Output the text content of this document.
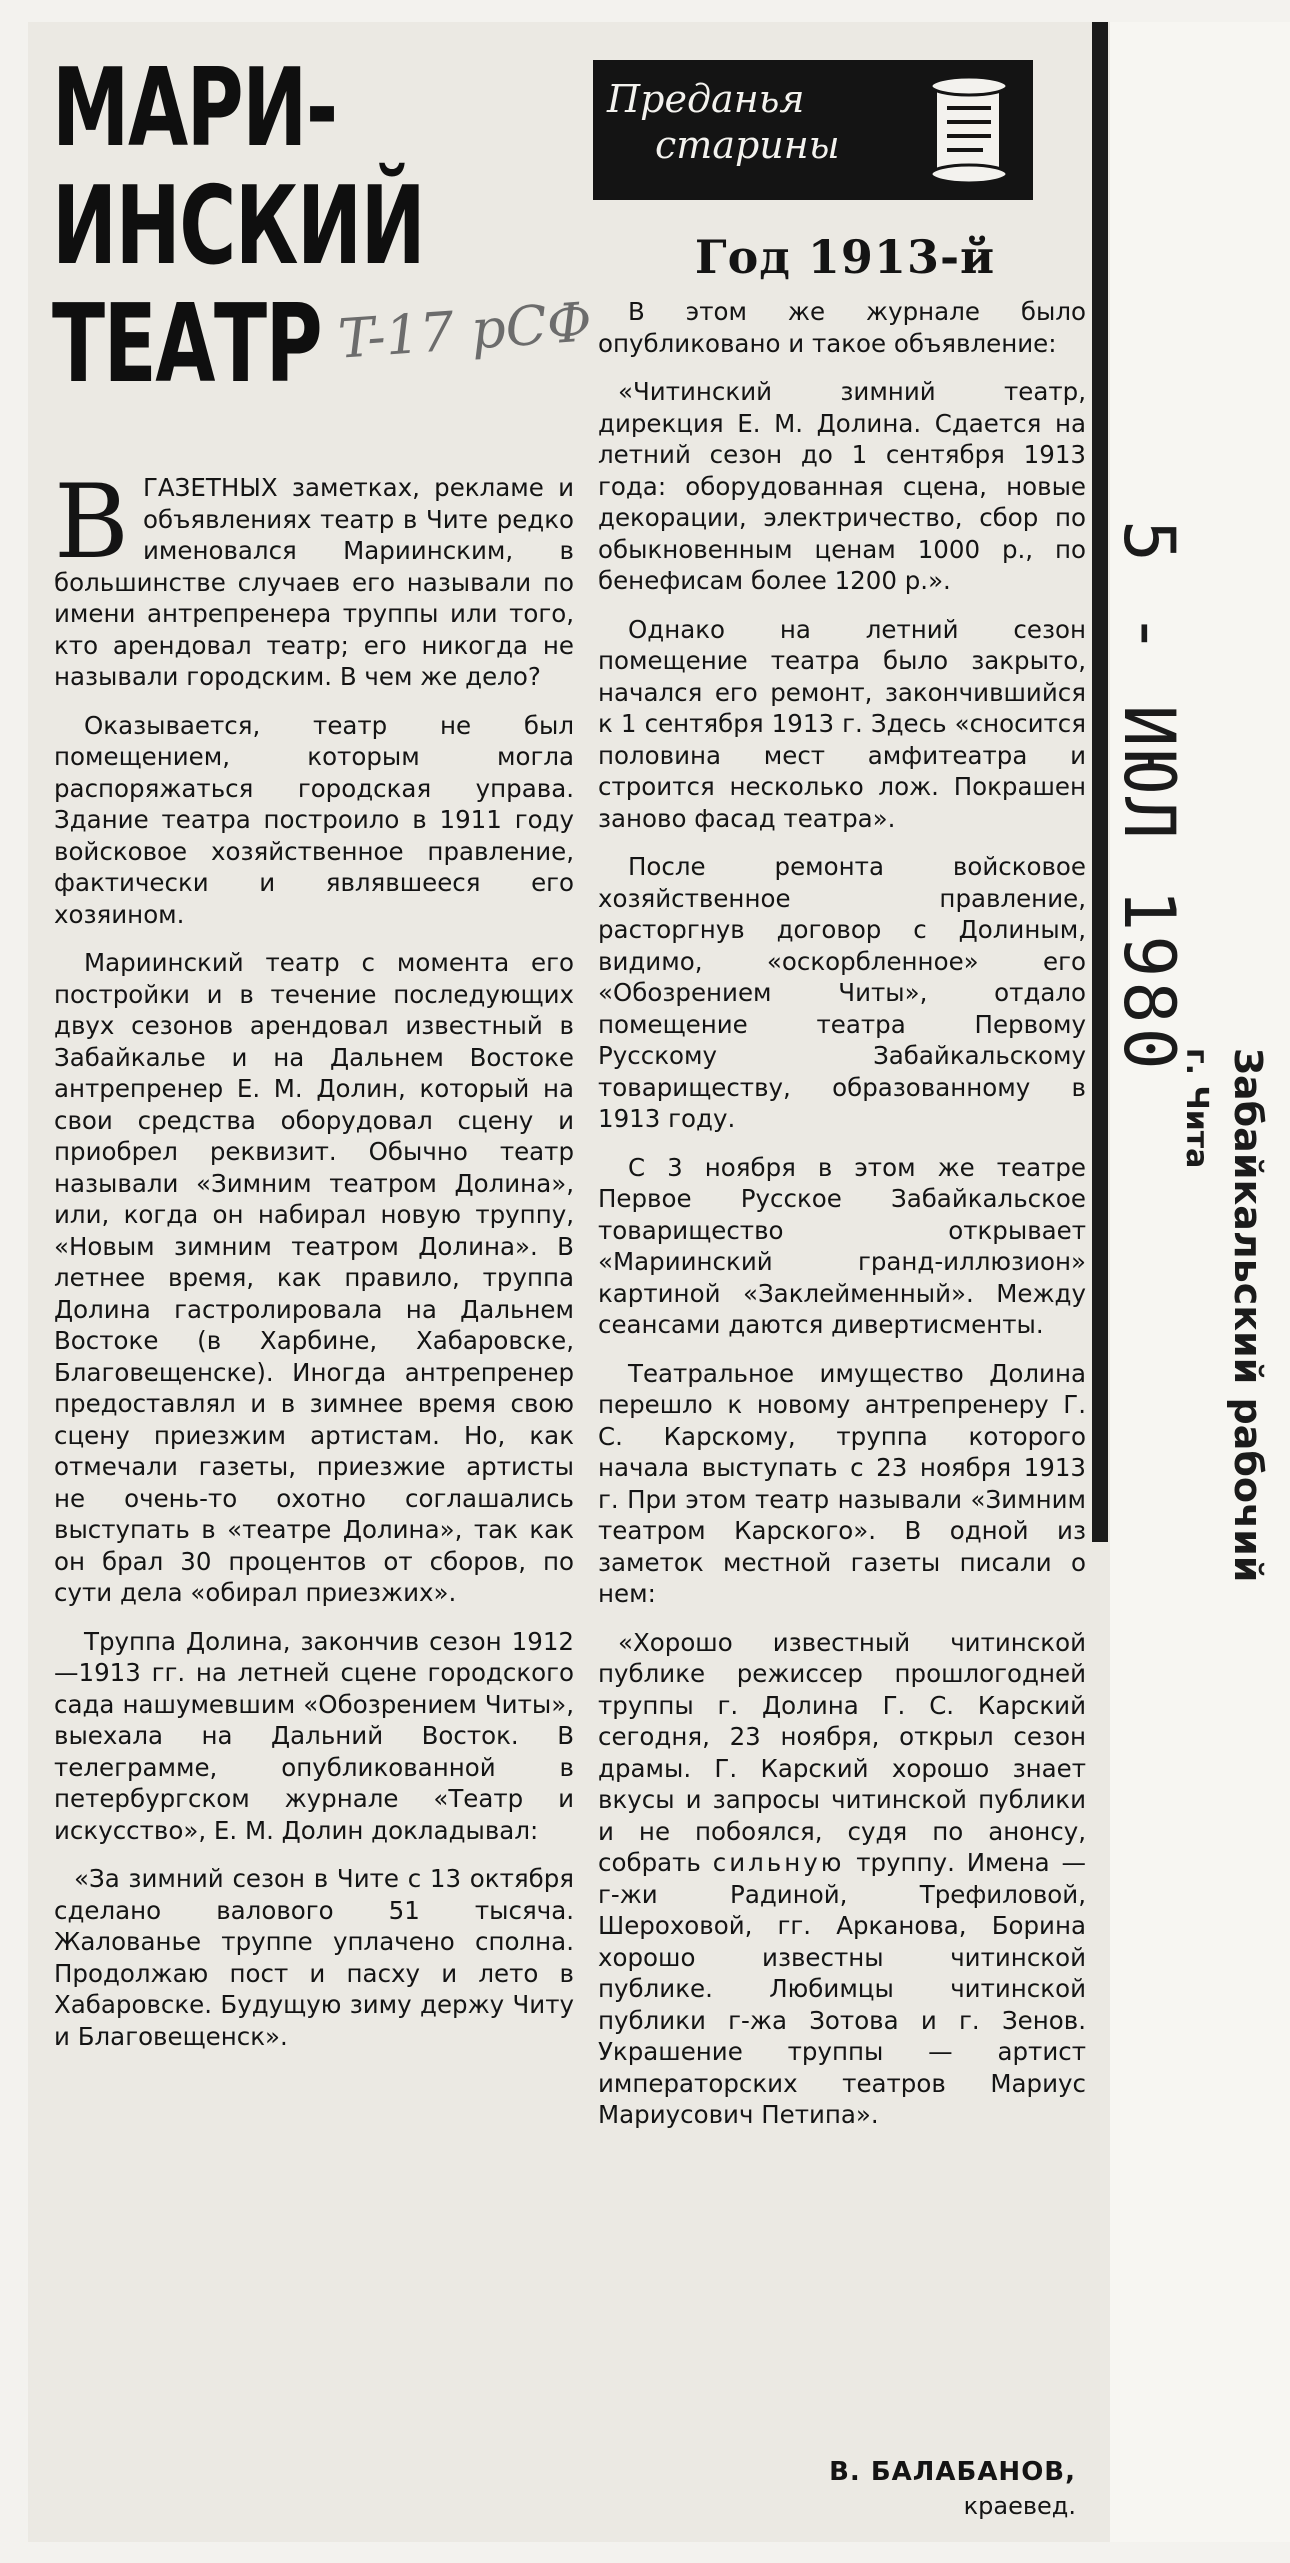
МАРИ-
ИНСКИЙ
ТЕАТР T-17 рСФ
Преданья
старины
Год 1913-й

ВГАЗЕТНЫХ заметках, рекламе и объявлениях театр в Чите редко именовался Мариинским, в большинстве случаев его называли по имени антрепренера труппы или того, кто арендовал театр; его никогда не называли городским. В чем же дело?

Оказывается, театр не был помещением, которым могла распоряжаться городская управа. Здание театра построило в 1911 году войсковое хозяйственное правление, фактически и являвшееся его хозяином.

Мариинский театр с момента его постройки и в течение последующих двух сезонов арендовал известный в Забайкалье и на Дальнем Востоке антрепренер Е. М. Долин, который на свои средства оборудовал сцену и приобрел реквизит. Обычно театр называли «Зимним театром Долина», или, когда он набирал новую труппу, «Новым зимним театром Долина». В летнее время, как правило, труппа Долина гастролировала на Дальнем Востоке (в Харбине, Хабаровске, Благовещенске). Иногда антрепренер предоставлял и в зимнее время свою сцену приезжим артистам. Но, как отмечали газеты, приезжие артисты не очень-то охотно соглашались выступать в «театре Долина», так как он брал 30 процентов от сборов, по сути дела «обирал приезжих».

Труппа Долина, закончив сезон 1912—1913 гг. на летней сцене городского сада нашумевшим «Обозрением Читы», выехала на Дальний Восток. В телеграмме, опубликованной в петербургском журнале «Театр и искусство», Е. М. Долин докладывал:

«За зимний сезон в Чите с 13 октября сделано валового 51 тысяча. Жалованье труппе уплачено сполна. Продолжаю пост и пасху и лето в Хабаровске. Будущую зиму держу Читу и Благовещенск».

В этом же журнале было опубликовано и такое объявление:

«Читинский зимний театр, дирекция Е. М. Долина. Сдается на летний сезон до 1 сентября 1913 года: оборудованная сцена, новые декорации, электричество, сбор по обыкновенным ценам 1000 р., по бенефисам более 1200 р.».

Однако на летний сезон помещение театра было закрыто, начался его ремонт, закончившийся к 1 сентября 1913 г. Здесь «сносится половина мест амфитеатра и строится несколько лож. Покрашен заново фасад театра».

После ремонта войсковое хозяйственное правление, расторгнув договор с Долиным, видимо, «оскорбленное» его «Обозрением Читы», отдало помещение театра Первому Русскому Забайкальскому товариществу, образованному в 1913 году.

С 3 ноября в этом же театре Первое Русское Забайкальское товарищество открывает «Мариинский гранд-иллюзион» картиной «Заклейменный». Между сеансами даются дивертисменты.

Театральное имущество Долина перешло к новому антрепренеру Г. С. Карскому, труппа которого начала выступать с 23 ноября 1913 г. При этом театр называли «Зимним театром Карского». В одной из заметок местной газеты писали о нем:

«Хорошо известный читинской публике режиссер прошлогодней труппы г. Долина Г. С. Карский сегодня, 23 ноября, открыл сезон драмы. Г. Карский хорошо знает вкусы и запросы читинской публики и не побоялся, судя по анонсу, собрать сильную труппу. Имена — г-жи Радиной, Трефиловой, Шероховой, гг. Арканова, Борина хорошо известны читинской публике. Любимцы читинской публики г-жа Зотова и г. Зенов. Украшение труппы — артист императорских театров Мариус Мариусович Петипа».

В. БАЛАБАНОВ,
краевед.
5 - ИЮЛ 1980
Забайкальский рабочий
г. Чита
